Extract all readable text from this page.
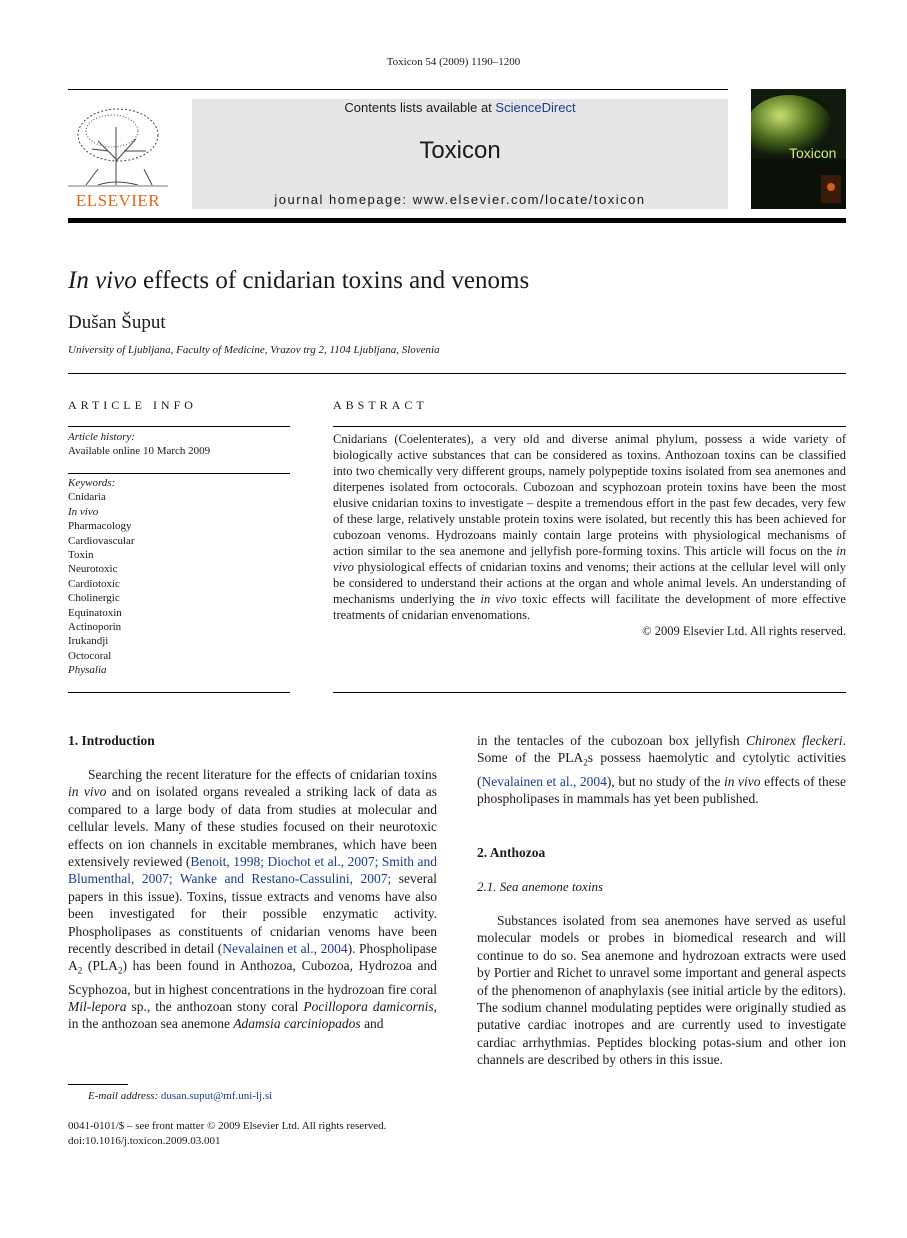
Toxicon 54 (2009) 1190–1200
ELSEVIER
Contents lists available at ScienceDirect
Toxicon
journal homepage: www.elsevier.com/locate/toxicon
Toxicon
In vivo effects of cnidarian toxins and venoms
Dušan Šuput
University of Ljubljana, Faculty of Medicine, Vrazov trg 2, 1104 Ljubljana, Slovenia
ARTICLE INFO
Article history:
Available online 10 March 2009
Keywords:
Cnidaria
In vivo
Pharmacology
Cardiovascular
Toxin
Neurotoxic
Cardiotoxic
Cholinergic
Equinatoxin
Actinoporin
Irukandji
Octocoral
Physalia
ABSTRACT
Cnidarians (Coelenterates), a very old and diverse animal phylum, possess a wide variety of biologically active substances that can be considered as toxins. Anthozoan toxins can be classified into two chemically very different groups, namely polypeptide toxins isolated from sea anemones and diterpenes isolated from octocorals. Cubozoan and scyphozoan protein toxins have been the most elusive cnidarian toxins to investigate – despite a tremendous effort in the past few decades, very few of these large, relatively unstable protein toxins were isolated, but recently this has been achieved for cubozoan venoms. Hydrozoans mainly contain large proteins with physiological mechanisms of action similar to the sea anemone and jellyfish pore-forming toxins. This article will focus on the in vivo physiological effects of cnidarian toxins and venoms; their actions at the cellular level will only be considered to understand their actions at the organ and whole animal levels. An understanding of mechanisms underlying the in vivo toxic effects will facilitate the development of more effective treatments of cnidarian envenomations.
© 2009 Elsevier Ltd. All rights reserved.
1. Introduction

Searching the recent literature for the effects of cnidarian toxins in vivo and on isolated organs revealed a striking lack of data as compared to a large body of data from studies at molecular and cellular levels. Many of these studies focused on their neurotoxic effects on ion channels in excitable membranes, which have been extensively reviewed (Benoit, 1998; Diochot et al., 2007; Smith and Blumenthal, 2007; Wanke and Restano-Cassulini, 2007; several papers in this issue). Toxins, tissue extracts and venoms have also been investigated for their possible enzymatic activity. Phospholipases as constituents of cnidarian venoms have been recently described in detail (Nevalainen et al., 2004). Phospholipase $A_2$ $(PLA_2)$ has been found in Anthozoa, Cubozoa, Hydrozoa and Scyphozoa, but in highest concentrations in the hydrozoan fire coral Mil-lepora sp., the anthozoan stony coral Pocillopora damicornis, in the anthozoan sea anemone Adamsia carciniopados and

E-mail address: dusan.suput@mf.uni-lj.si
0041-0101/$ – see front matter © 2009 Elsevier Ltd. All rights reserved.
doi:10.1016/j.toxicon.2009.03.001

in the tentacles of the cubozoan box jellyfish Chironex fleckeri. Some of the $PLA_2s$ possess haemolytic and cytolytic activities (Nevalainen et al., 2004), but no study of the in vivo effects of these phospholipases in mammals has yet been published.

2. Anthozoa
2.1. Sea anemone toxins

Substances isolated from sea anemones have served as useful molecular models or probes in biomedical research and will continue to do so. Sea anemone and hydrozoan extracts were used by Portier and Richet to unravel some important and general aspects of the phenomenon of anaphylaxis (see initial article by the editors). The sodium channel modulating peptides were originally studied as putative cardiac inotropes and are currently used to investigate cardiac arrhythmias. Peptides blocking potas-sium and other ion channels are described by others in this issue.
